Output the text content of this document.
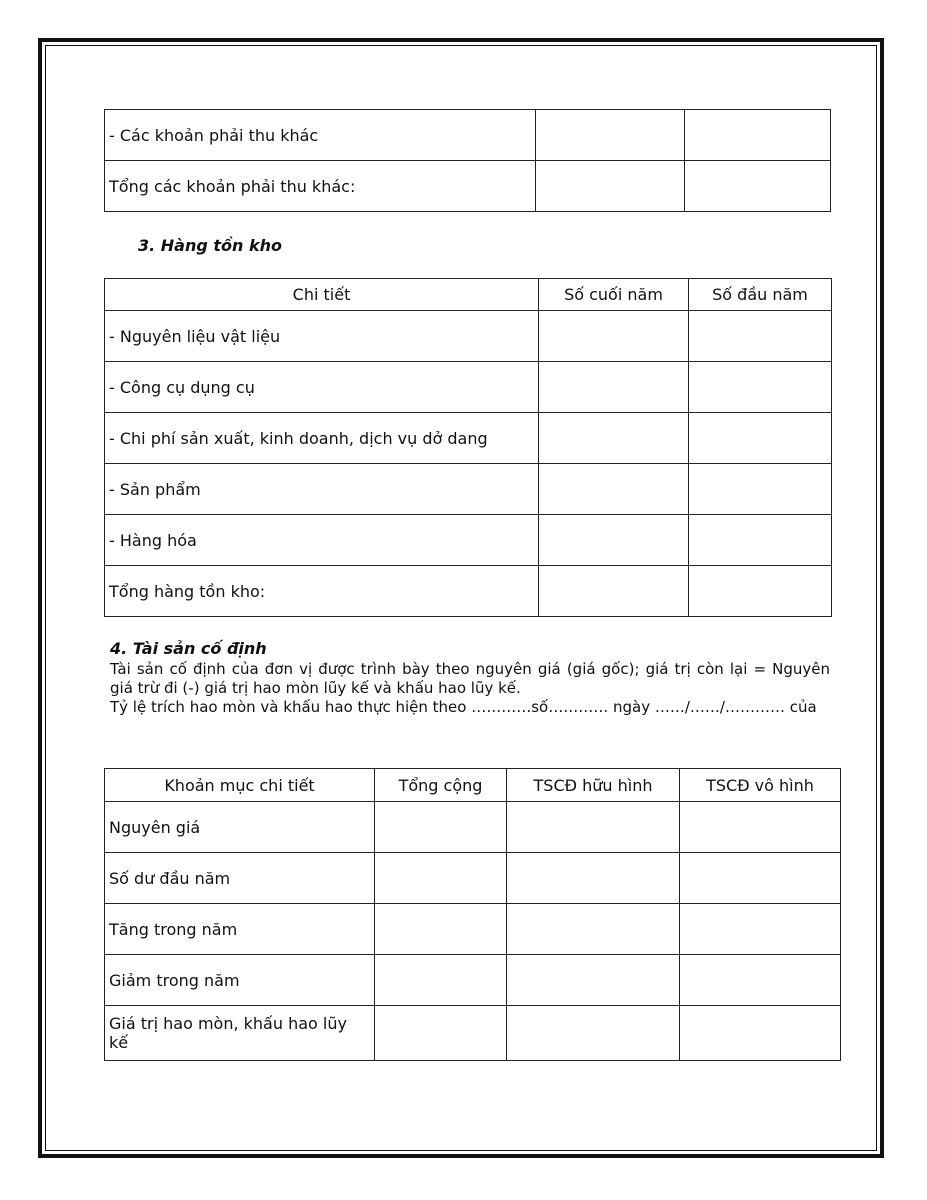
- Các khoản phải thu khác		
Tổng các khoản phải thu khác:		
3. Hàng tồn kho
Chi tiết	Số cuối năm	Số đầu năm
- Nguyên liệu vật liệu		
- Công cụ dụng cụ		
- Chi phí sản xuất, kinh doanh, dịch vụ dở dang		
- Sản phẩm		
- Hàng hóa		
Tổng hàng tồn kho:		
4. Tài sản cố định

Tài sản cố định của đơn vị được trình bày theo nguyên giá (giá gốc); giá trị còn lại = Nguyên giá trừ đi (-) giá trị hao mòn lũy kế và khấu hao lũy kế.

Tỷ lệ trích hao mòn và khấu hao thực hiện theo …………số………… ngày ……/……/………… của

Khoản mục chi tiết	Tổng cộng	TSCĐ hữu hình	TSCĐ vô hình
Nguyên giá			
Số dư đầu năm			
Tăng trong năm			
Giảm trong năm			
Giá trị hao mòn, khấu hao lũy kế			
